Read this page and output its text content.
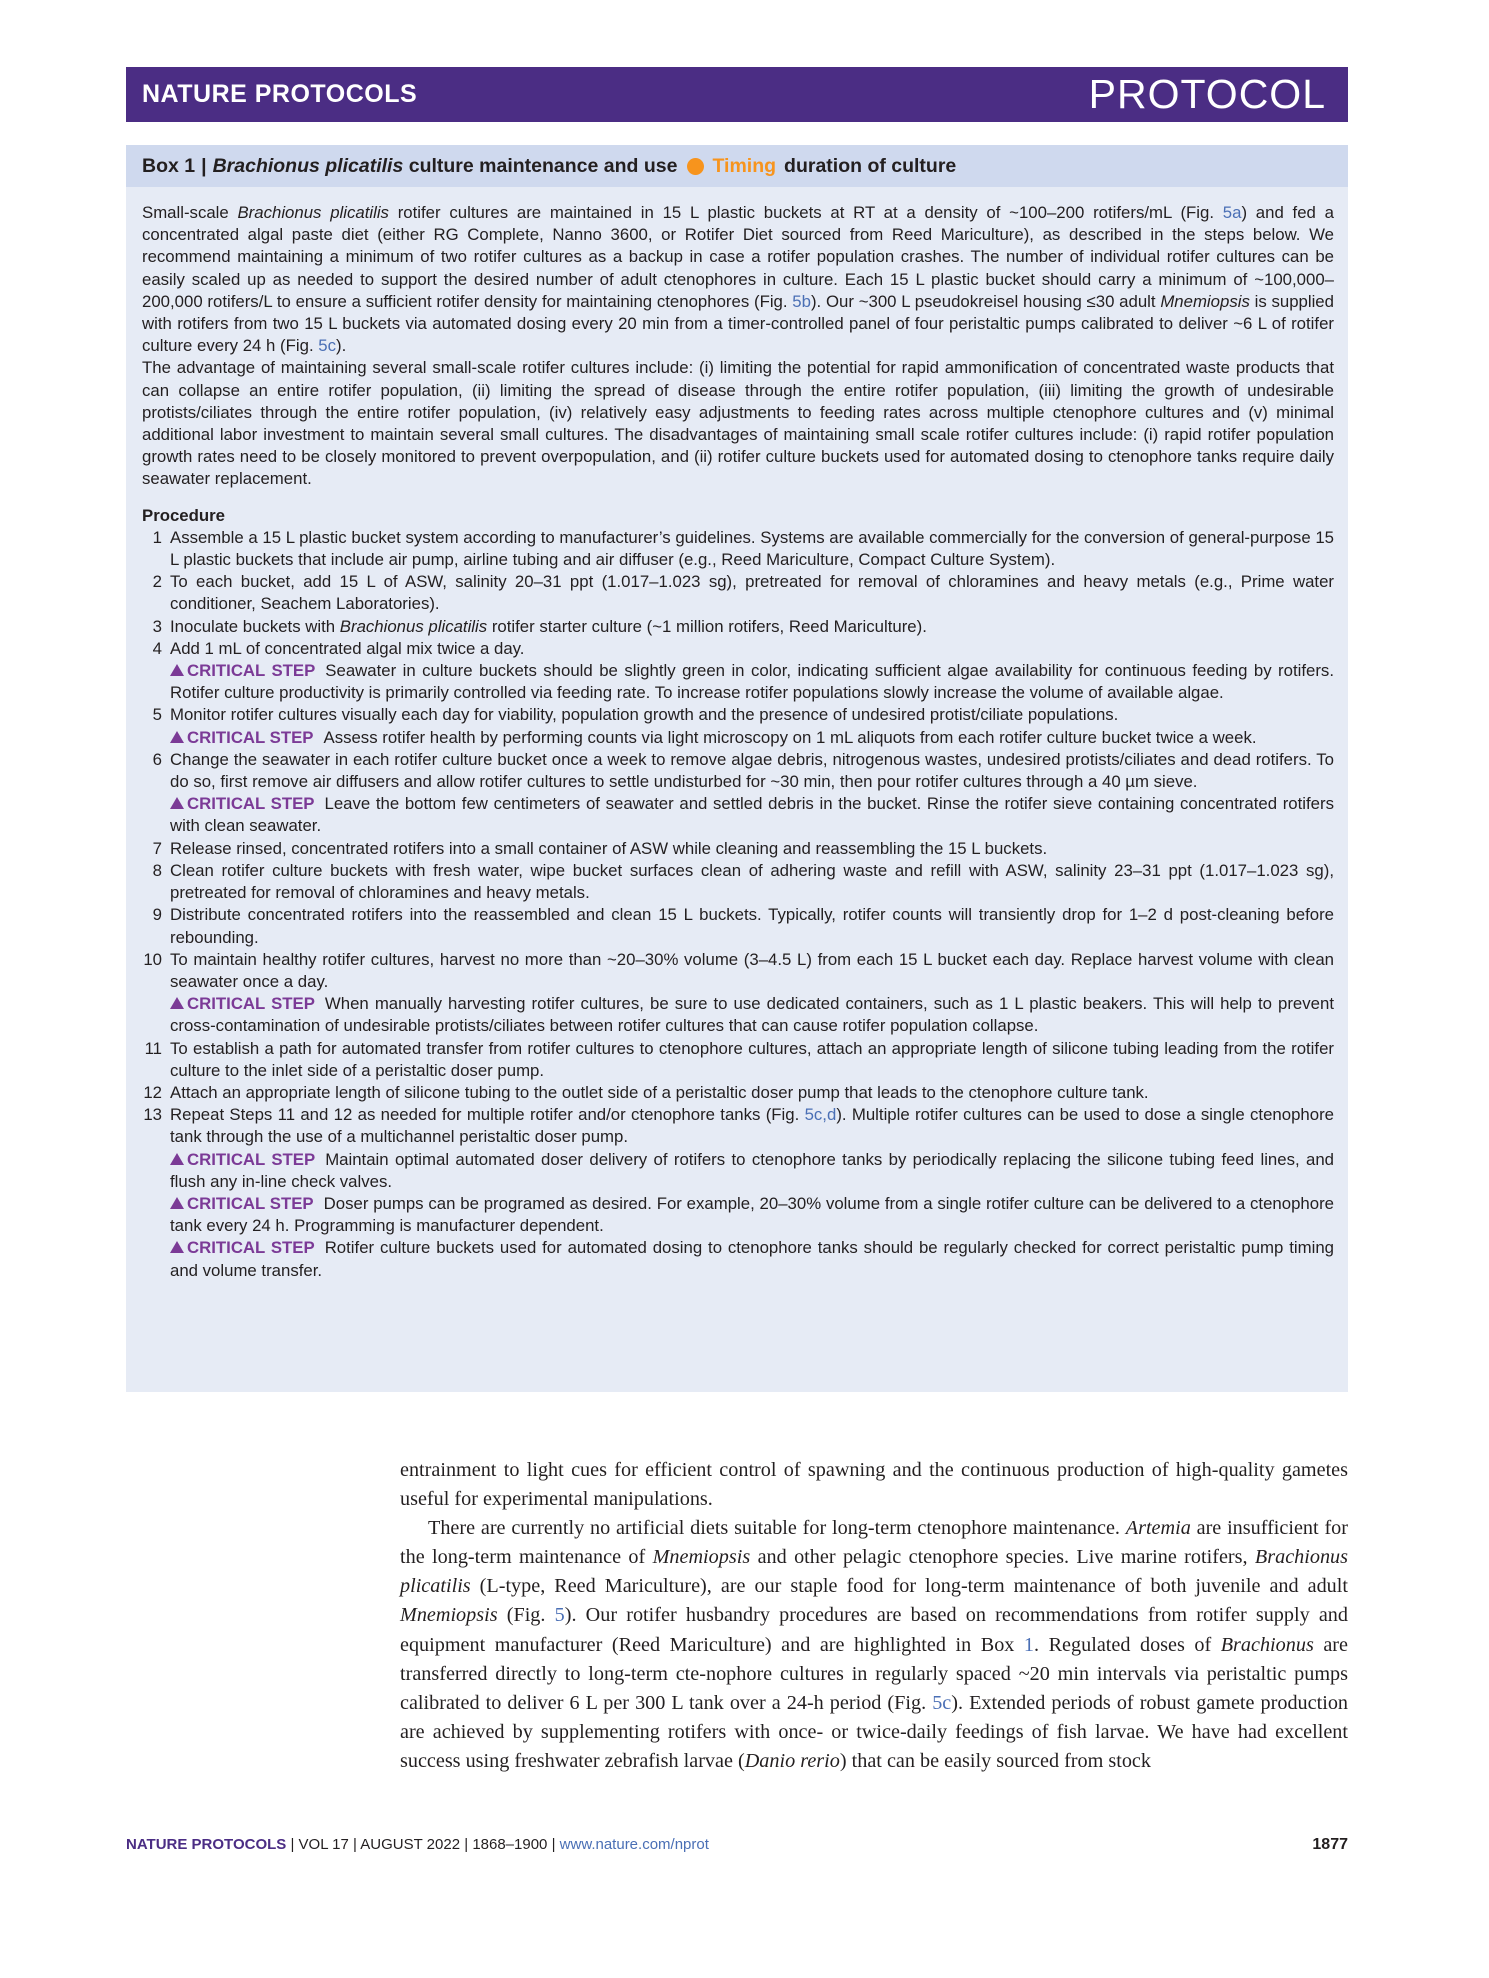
NATURE PROTOCOLS	PROTOCOL
Box 1 | Brachionus plicatilis
culture maintenance and use Timing duration of culture

Small-scale Brachionus plicatilis rotifer cultures are maintained in 15 L plastic buckets at RT at a density of ~100–200 rotifers/mL (Fig. 5a) and fed a concentrated algal paste diet (either RG Complete, Nanno 3600, or Rotifer Diet sourced from Reed Mariculture), as described in the steps below. We recommend maintaining a minimum of two rotifer cultures as a backup in case a rotifer population crashes. The number of individual rotifer cultures can be easily scaled up as needed to support the desired number of adult ctenophores in culture. Each 15 L plastic bucket should carry a minimum of ~100,000–200,000 rotifers/L to ensure a sufficient rotifer density for maintaining ctenophores (Fig. 5b). Our ~300 L pseudokreisel housing ≤30 adult Mnemiopsis is supplied with rotifers from two 15 L buckets via automated dosing every 20 min from a timer-controlled panel of four peristaltic pumps calibrated to deliver ~6 L of rotifer culture every 24 h (Fig. 5c).

The advantage of maintaining several small-scale rotifer cultures include: (i) limiting the potential for rapid ammonification of concentrated waste products that can collapse an entire rotifer population, (ii) limiting the spread of disease through the entire rotifer population, (iii) limiting the growth of undesirable protists/ciliates through the entire rotifer population, (iv) relatively easy adjustments to feeding rates across multiple ctenophore cultures and (v) minimal additional labor investment to maintain several small cultures. The disadvantages of maintaining small scale rotifer cultures include: (i) rapid rotifer population growth rates need to be closely monitored to prevent overpopulation, and (ii) rotifer culture buckets used for automated dosing to ctenophore tanks require daily seawater replacement.

Procedure
1 Assemble a 15 L plastic bucket system according to manufacturer’s guidelines. Systems are available commercially for the conversion of general-purpose 15 L plastic buckets that include air pump, airline tubing and air diffuser (e.g., Reed Mariculture, Compact Culture System).
2 To each bucket, add 15 L of ASW, salinity 20–31 ppt (1.017–1.023 sg), pretreated for removal of chloramines and heavy metals (e.g., Prime water conditioner, Seachem Laboratories).
3 Inoculate buckets with Brachionus plicatilis rotifer starter culture (~1 million rotifers, Reed Mariculture).
4 Add 1 mL of concentrated algal mix twice a day.
CRITICAL STEP Seawater in culture buckets should be slightly green in color, indicating sufficient algae availability for continuous feeding by rotifers. Rotifer culture productivity is primarily controlled via feeding rate. To increase rotifer populations slowly increase the volume of available algae.
5 Monitor rotifer cultures visually each day for viability, population growth and the presence of undesired protist/ciliate populations.
CRITICAL STEP Assess rotifer health by performing counts via light microscopy on 1 mL aliquots from each rotifer culture bucket twice a week.
6 Change the seawater in each rotifer culture bucket once a week to remove algae debris, nitrogenous wastes, undesired protists/ciliates and dead rotifers. To do so, first remove air diffusers and allow rotifer cultures to settle undisturbed for ~30 min, then pour rotifer cultures through a 40 µm sieve.
CRITICAL STEP Leave the bottom few centimeters of seawater and settled debris in the bucket. Rinse the rotifer sieve containing concentrated rotifers with clean seawater.
7 Release rinsed, concentrated rotifers into a small container of ASW while cleaning and reassembling the 15 L buckets.
8 Clean rotifer culture buckets with fresh water, wipe bucket surfaces clean of adhering waste and refill with ASW, salinity 23–31 ppt (1.017–1.023 sg), pretreated for removal of chloramines and heavy metals.
9 Distribute concentrated rotifers into the reassembled and clean 15 L buckets. Typically, rotifer counts will transiently drop for 1–2 d post-cleaning before rebounding.
10 To maintain healthy rotifer cultures, harvest no more than ~20–30% volume (3–4.5 L) from each 15 L bucket each day. Replace harvest volume with clean seawater once a day.
CRITICAL STEP When manually harvesting rotifer cultures, be sure to use dedicated containers, such as 1 L plastic beakers. This will help to prevent cross-contamination of undesirable protists/ciliates between rotifer cultures that can cause rotifer population collapse.
11 To establish a path for automated transfer from rotifer cultures to ctenophore cultures, attach an appropriate length of silicone tubing leading from the rotifer culture to the inlet side of a peristaltic doser pump.
12 Attach an appropriate length of silicone tubing to the outlet side of a peristaltic doser pump that leads to the ctenophore culture tank.
13 Repeat Steps 11 and 12 as needed for multiple rotifer and/or ctenophore tanks (Fig. 5c,d). Multiple rotifer cultures can be used to dose a single ctenophore tank through the use of a multichannel peristaltic doser pump.
CRITICAL STEP Maintain optimal automated doser delivery of rotifers to ctenophore tanks by periodically replacing the silicone tubing feed lines, and flush any in-line check valves.
CRITICAL STEP Doser pumps can be programed as desired. For example, 20–30% volume from a single rotifer culture can be delivered to a ctenophore tank every 24 h. Programming is manufacturer dependent.
CRITICAL STEP Rotifer culture buckets used for automated dosing to ctenophore tanks should be regularly checked for correct peristaltic pump timing and volume transfer.

entrainment to light cues for efficient control of spawning and the continuous production of high-quality gametes useful for experimental manipulations.

There are currently no artificial diets suitable for long-term ctenophore maintenance. Artemia are insufficient for the long-term maintenance of Mnemiopsis and other pelagic ctenophore species. Live marine rotifers, Brachionus plicatilis (L-type, Reed Mariculture), are our staple food for long-term maintenance of both juvenile and adult Mnemiopsis (Fig. 5). Our rotifer husbandry procedures are based on recommendations from rotifer supply and equipment manufacturer (Reed Mariculture) and are highlighted in Box 1. Regulated doses of Brachionus are transferred directly to long-term cte-nophore cultures in regularly spaced ~20 min intervals via peristaltic pumps calibrated to deliver 6 L per 300 L tank over a 24-h period (Fig. 5c). Extended periods of robust gamete production are achieved by supplementing rotifers with once- or twice-daily feedings of fish larvae. We have had excellent success using freshwater zebrafish larvae (Danio rerio) that can be easily sourced from stock

NATURE PROTOCOLS | VOL 17 | AUGUST 2022 | 1868–1900 | www.nature.com/nprot	1877
